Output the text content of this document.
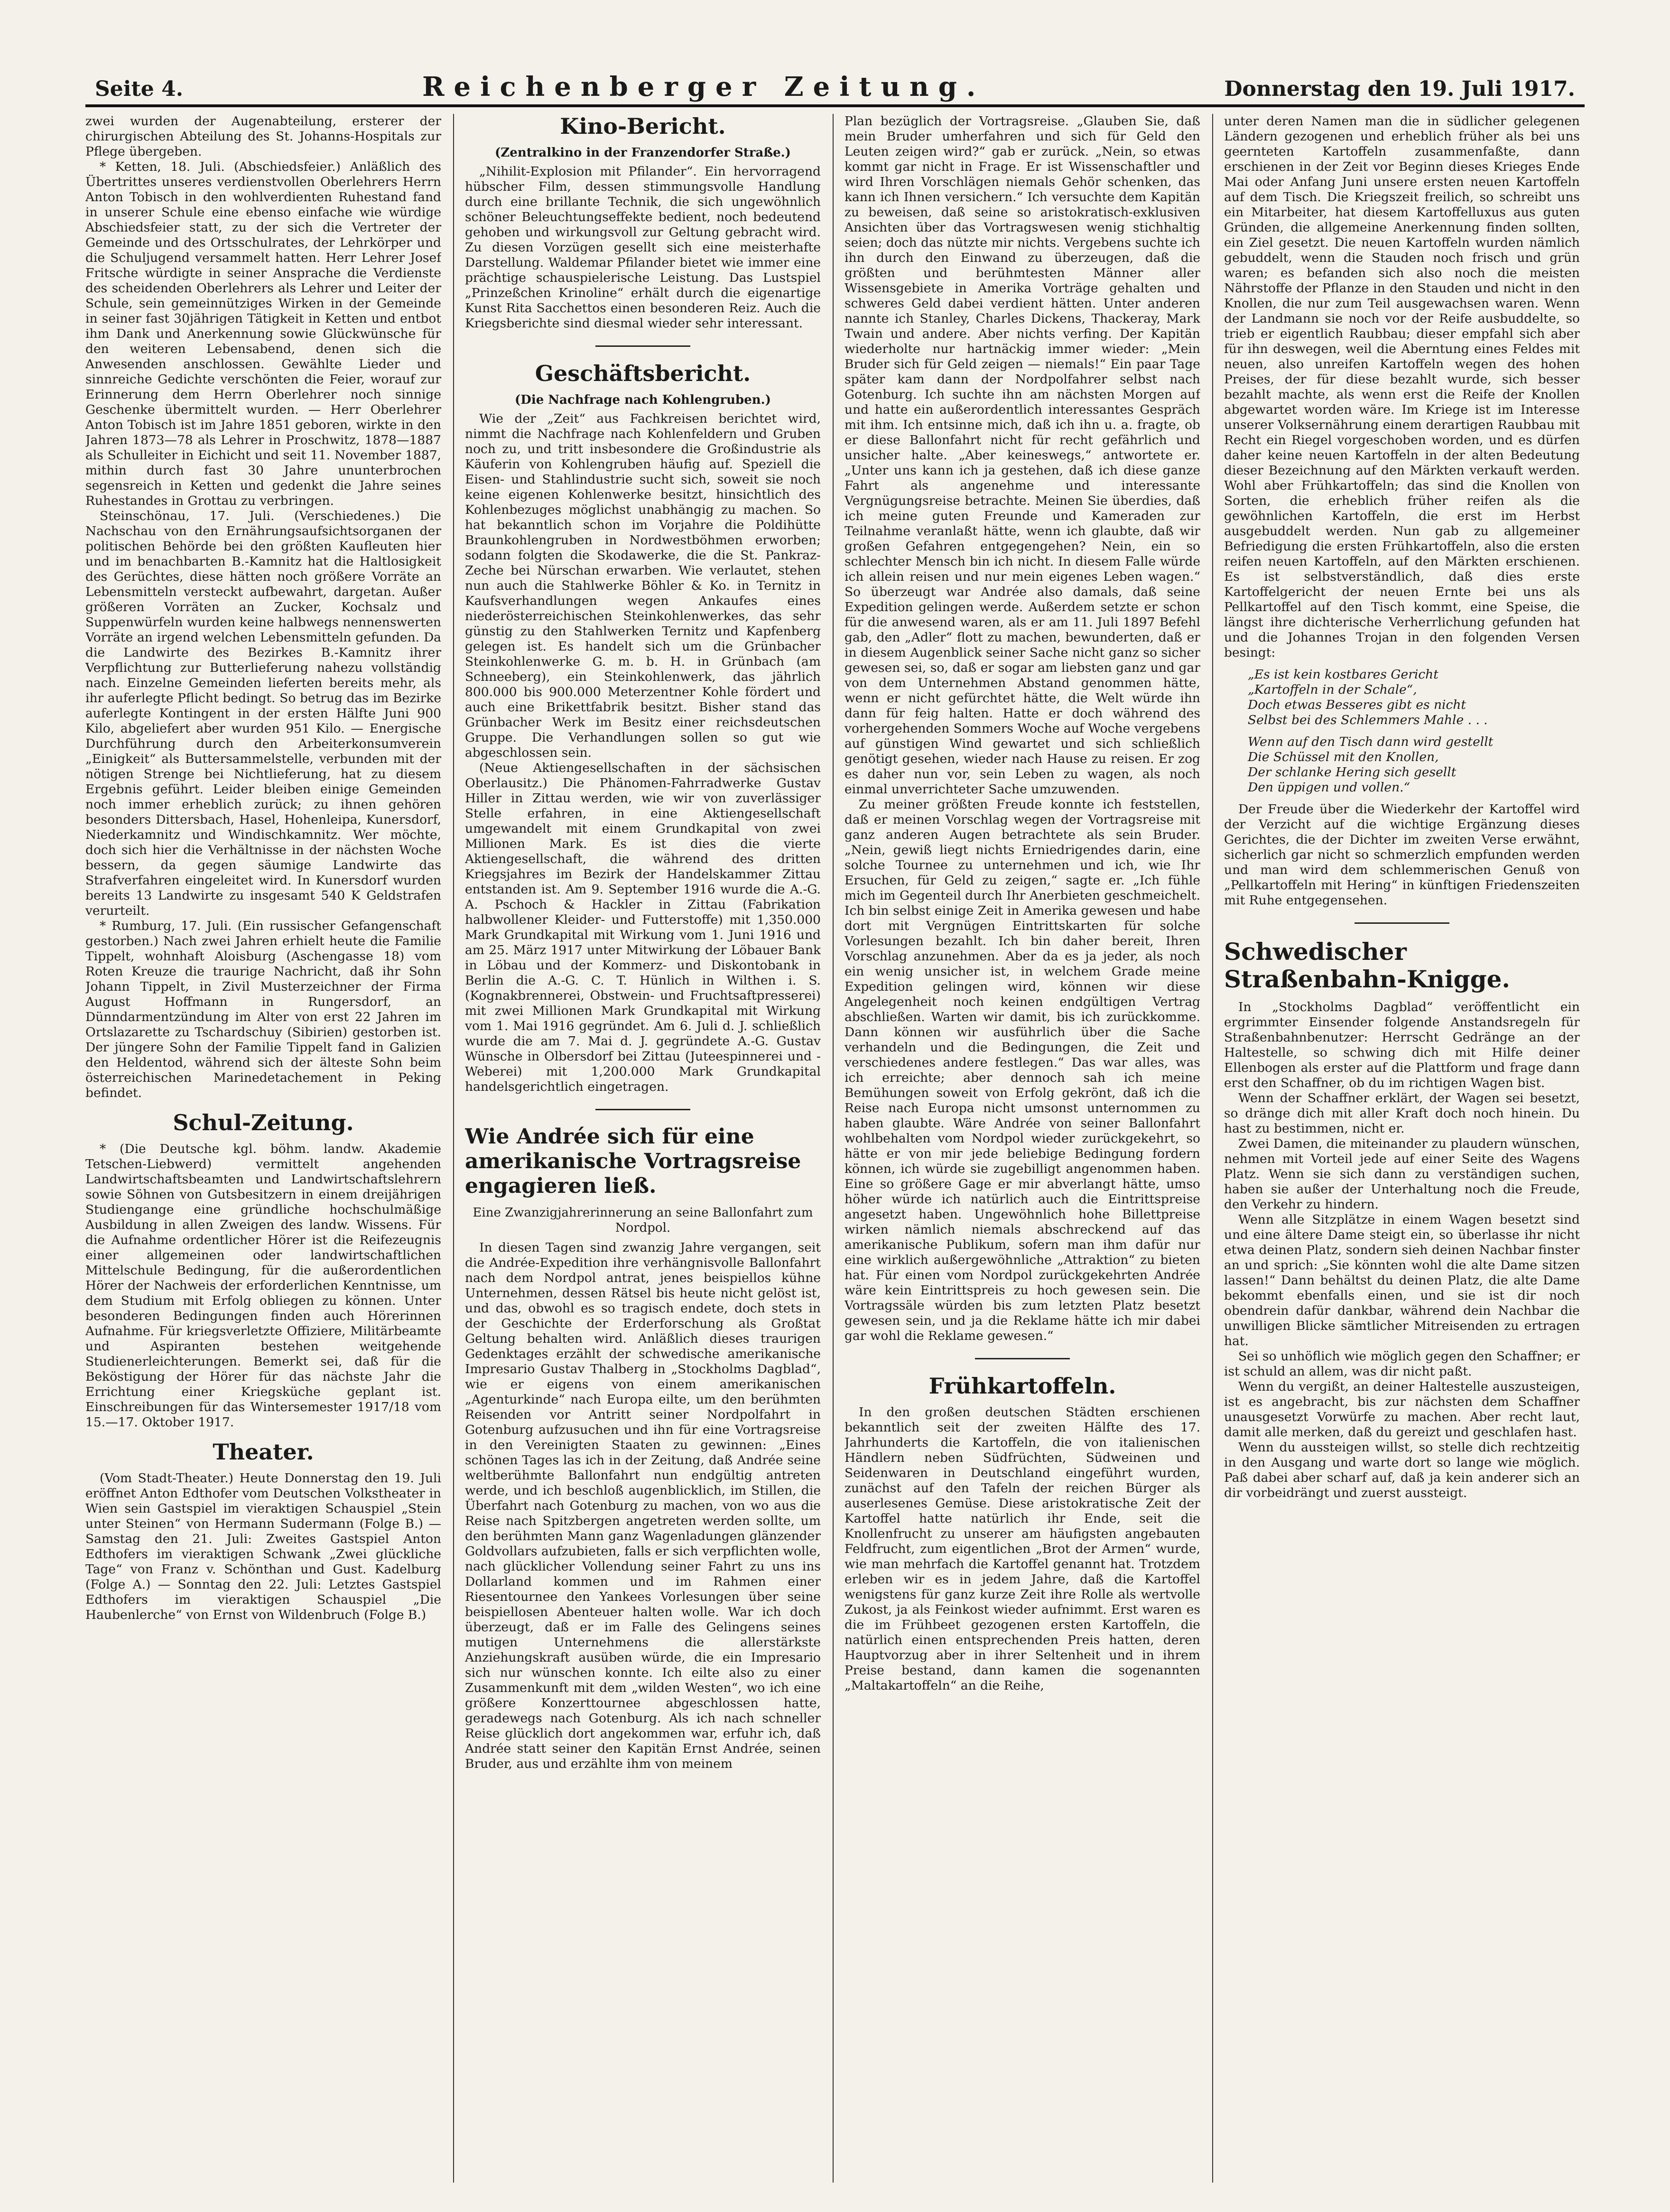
Seite 4.	Reichenberger Zeitung.	Donnerstag den 19. Juli 1917.

zwei wurden der Augenabteilung, ersterer der chirurgischen Abteilung des St. Johanns-Hospitals zur Pflege übergeben.

* Ketten, 18. Juli. (Abschiedsfeier.) Anläßlich des Übertrittes unseres verdienstvollen Oberlehrers Herrn Anton Tobisch in den wohlverdienten Ruhestand fand in unserer Schule eine ebenso einfache wie würdige Abschiedsfeier statt, zu der sich die Vertreter der Gemeinde und des Ortsschulrates, der Lehrkörper und die Schuljugend versammelt hatten. Herr Lehrer Josef Fritsche würdigte in seiner Ansprache die Verdienste des scheidenden Oberlehrers als Lehrer und Leiter der Schule, sein gemeinnütziges Wirken in der Gemeinde in seiner fast 30jährigen Tätigkeit in Ketten und entbot ihm Dank und Anerkennung sowie Glückwünsche für den weiteren Lebensabend, denen sich die Anwesenden anschlossen. Gewählte Lieder und sinnreiche Gedichte verschönten die Feier, worauf zur Erinnerung dem Herrn Oberlehrer noch sinnige Geschenke übermittelt wurden. — Herr Oberlehrer Anton Tobisch ist im Jahre 1851 geboren, wirkte in den Jahren 1873—78 als Lehrer in Proschwitz, 1878—1887 als Schulleiter in Eichicht und seit 11. November 1887, mithin durch fast 30 Jahre ununterbrochen segensreich in Ketten und gedenkt die Jahre seines Ruhestandes in Grottau zu verbringen.

Steinschönau, 17. Juli. (Verschiedenes.) Die Nachschau von den Ernährungsaufsichtsorganen der politischen Behörde bei den größten Kaufleuten hier und im benachbarten B.-Kamnitz hat die Haltlosigkeit des Gerüchtes, diese hätten noch größere Vorräte an Lebensmitteln versteckt aufbewahrt, dargetan. Außer größeren Vorräten an Zucker, Kochsalz und Suppenwürfeln wurden keine halbwegs nennenswerten Vorräte an irgend welchen Lebensmitteln gefunden. Da die Landwirte des Bezirkes B.-Kamnitz ihrer Verpflichtung zur Butterlieferung nahezu vollständig nach. Einzelne Gemeinden lieferten bereits mehr, als ihr auferlegte Pflicht bedingt. So betrug das im Bezirke auferlegte Kontingent in der ersten Hälfte Juni 900 Kilo, abgeliefert aber wurden 951 Kilo. — Energische Durchführung durch den Arbeiterkonsumverein „Einigkeit“ als Buttersammelstelle, verbunden mit der nötigen Strenge bei Nichtlieferung, hat zu diesem Ergebnis geführt. Leider bleiben einige Gemeinden noch immer erheblich zurück; zu ihnen gehören besonders Dittersbach, Hasel, Hohenleipa, Kunersdorf, Niederkamnitz und Windischkamnitz. Wer möchte, doch sich hier die Verhältnisse in der nächsten Woche bessern, da gegen säumige Landwirte das Strafverfahren eingeleitet wird. In Kunersdorf wurden bereits 13 Landwirte zu insgesamt 540 K Geldstrafen verurteilt.

* Rumburg, 17. Juli. (Ein russischer Gefangenschaft gestorben.) Nach zwei Jahren erhielt heute die Familie Tippelt, wohnhaft Aloisburg (Aschengasse 18) vom Roten Kreuze die traurige Nachricht, daß ihr Sohn Johann Tippelt, in Zivil Musterzeichner der Firma August Hoffmann in Rungersdorf, an Dünndarmentzündung im Alter von erst 22 Jahren im Ortslazarette zu Tschardschuy (Sibirien) gestorben ist. Der jüngere Sohn der Familie Tippelt fand in Galizien den Heldentod, während sich der älteste Sohn beim österreichischen Marinedetachement in Peking befindet.

Schul-Zeitung.

* (Die Deutsche kgl. böhm. landw. Akademie Tetschen-Liebwerd) vermittelt angehenden Landwirtschaftsbeamten und Landwirtschaftslehrern sowie Söhnen von Gutsbesitzern in einem dreijährigen Studiengange eine gründliche hochschulmäßige Ausbildung in allen Zweigen des landw. Wissens. Für die Aufnahme ordentlicher Hörer ist die Reifezeugnis einer allgemeinen oder landwirtschaftlichen Mittelschule Bedingung, für die außerordentlichen Hörer der Nachweis der erforderlichen Kenntnisse, um dem Studium mit Erfolg obliegen zu können. Unter besonderen Bedingungen finden auch Hörerinnen Aufnahme. Für kriegsverletzte Offiziere, Militärbeamte und Aspiranten bestehen weitgehende Studienerleichterungen. Bemerkt sei, daß für die Beköstigung der Hörer für das nächste Jahr die Errichtung einer Kriegsküche geplant ist. Einschreibungen für das Wintersemester 1917/18 vom 15.—17. Oktober 1917.

Theater.

(Vom Stadt-Theater.) Heute Donnerstag den 19. Juli eröffnet Anton Edthofer vom Deutschen Volkstheater in Wien sein Gastspiel im vieraktigen Schauspiel „Stein unter Steinen“ von Hermann Sudermann (Folge B.) — Samstag den 21. Juli: Zweites Gastspiel Anton Edthofers im vieraktigen Schwank „Zwei glückliche Tage“ von Franz v. Schönthan und Gust. Kadelburg (Folge A.) — Sonntag den 22. Juli: Letztes Gastspiel Edthofers im vieraktigen Schauspiel „Die Haubenlerche“ von Ernst von Wildenbruch (Folge B.)

Kino-Bericht.
(Zentralkino in der Franzendorfer Straße.)

„Nihilit-Explosion mit Pfilander“. Ein hervorragend hübscher Film, dessen stimmungsvolle Handlung durch eine brillante Technik, die sich ungewöhnlich schöner Beleuchtungseffekte bedient, noch bedeutend gehoben und wirkungsvoll zur Geltung gebracht wird. Zu diesen Vorzügen gesellt sich eine meisterhafte Darstellung. Waldemar Pfilander bietet wie immer eine prächtige schauspielerische Leistung. Das Lustspiel „Prinzeßchen Krinoline“ erhält durch die eigenartige Kunst Rita Sacchettos einen besonderen Reiz. Auch die Kriegsberichte sind diesmal wieder sehr interessant.

Geschäftsbericht.
(Die Nachfrage nach Kohlengruben.)

Wie der „Zeit“ aus Fachkreisen berichtet wird, nimmt die Nachfrage nach Kohlenfeldern und Gruben noch zu, und tritt insbesondere die Großindustrie als Käuferin von Kohlengruben häufig auf. Speziell die Eisen- und Stahlindustrie sucht sich, soweit sie noch keine eigenen Kohlenwerke besitzt, hinsichtlich des Kohlenbezuges möglichst unabhängig zu machen. So hat bekanntlich schon im Vorjahre die Poldihütte Braunkohlengruben in Nordwestböhmen erworben; sodann folgten die Skodawerke, die die St. Pankraz-Zeche bei Nürschan erwarben. Wie verlautet, stehen nun auch die Stahlwerke Böhler & Ko. in Ternitz in Kaufsverhandlungen wegen Ankaufes eines niederösterreichischen Steinkohlenwerkes, das sehr günstig zu den Stahlwerken Ternitz und Kapfenberg gelegen ist. Es handelt sich um die Grünbacher Steinkohlenwerke G. m. b. H. in Grünbach (am Schneeberg), ein Steinkohlenwerk, das jährlich 800.000 bis 900.000 Meterzentner Kohle fördert und auch eine Brikettfabrik besitzt. Bisher stand das Grünbacher Werk im Besitz einer reichsdeutschen Gruppe. Die Verhandlungen sollen so gut wie abgeschlossen sein.

(Neue Aktiengesellschaften in der sächsischen Oberlausitz.) Die Phänomen-Fahrradwerke Gustav Hiller in Zittau werden, wie wir von zuverlässiger Stelle erfahren, in eine Aktiengesellschaft umgewandelt mit einem Grundkapital von zwei Millionen Mark. Es ist dies die vierte Aktiengesellschaft, die während des dritten Kriegsjahres im Bezirk der Handelskammer Zittau entstanden ist. Am 9. September 1916 wurde die A.-G. A. Pschoch & Hackler in Zittau (Fabrikation halbwollener Kleider- und Futterstoffe) mit 1,350.000 Mark Grundkapital mit Wirkung vom 1. Juni 1916 und am 25. März 1917 unter Mitwirkung der Löbauer Bank in Löbau und der Kommerz- und Diskontobank in Berlin die A.-G. C. T. Hünlich in Wilthen i. S. (Kognakbrennerei, Obstwein- und Fruchtsaftpresserei) mit zwei Millionen Mark Grundkapital mit Wirkung vom 1. Mai 1916 gegründet. Am 6. Juli d. J. schließlich wurde die am 7. Mai d. J. gegründete A.-G. Gustav Wünsche in Olbersdorf bei Zittau (Juteespinnerei und -Weberei) mit 1,200.000 Mark Grundkapital handelsgerichtlich eingetragen.

Wie Andrée sich für eine amerikanische Vortragsreise engagieren ließ.
Eine Zwanzigjahrerinnerung an seine Ballonfahrt zum Nordpol.

In diesen Tagen sind zwanzig Jahre vergangen, seit die Andrée-Expedition ihre verhängnisvolle Ballonfahrt nach dem Nordpol antrat, jenes beispiellos kühne Unternehmen, dessen Rätsel bis heute nicht gelöst ist, und das, obwohl es so tragisch endete, doch stets in der Geschichte der Erderforschung als Großtat Geltung behalten wird. Anläßlich dieses traurigen Gedenktages erzählt der schwedische amerikanische Impresario Gustav Thalberg in „Stockholms Dagblad“, wie er eigens von einem amerikanischen „Agenturkinde“ nach Europa eilte, um den berühmten Reisenden vor Antritt seiner Nordpolfahrt in Gotenburg aufzusuchen und ihn für eine Vortragsreise in den Vereinigten Staaten zu gewinnen: „Eines schönen Tages las ich in der Zeitung, daß Andrée seine weltberühmte Ballonfahrt nun endgültig antreten werde, und ich beschloß augenblicklich, im Stillen, die Überfahrt nach Gotenburg zu machen, von wo aus die Reise nach Spitzbergen angetreten werden sollte, um den berühmten Mann ganz Wagenladungen glänzender Goldvollars aufzubieten, falls er sich verpflichten wolle, nach glücklicher Vollendung seiner Fahrt zu uns ins Dollarland kommen und im Rahmen einer Riesentournee den Yankees Vorlesungen über seine beispiellosen Abenteuer halten wolle. War ich doch überzeugt, daß er im Falle des Gelingens seines mutigen Unternehmens die allerstärkste Anziehungskraft ausüben würde, die ein Impresario sich nur wünschen konnte. Ich eilte also zu einer Zusammenkunft mit dem „wilden Westen“, wo ich eine größere Konzerttournee abgeschlossen hatte, geradewegs nach Gotenburg. Als ich nach schneller Reise glücklich dort angekommen war, erfuhr ich, daß Andrée statt seiner den Kapitän Ernst Andrée, seinen Bruder, aus und erzählte ihm von meinem

Plan bezüglich der Vortragsreise. „Glauben Sie, daß mein Bruder umherfahren und sich für Geld den Leuten zeigen wird?“ gab er zurück. „Nein, so etwas kommt gar nicht in Frage. Er ist Wissenschaftler und wird Ihren Vorschlägen niemals Gehör schenken, das kann ich Ihnen versichern.“ Ich versuchte dem Kapitän zu beweisen, daß seine so aristokratisch-exklusiven Ansichten über das Vortragswesen wenig stichhaltig seien; doch das nützte mir nichts. Vergebens suchte ich ihn durch den Einwand zu überzeugen, daß die größten und berühmtesten Männer aller Wissensgebiete in Amerika Vorträge gehalten und schweres Geld dabei verdient hätten. Unter anderen nannte ich Stanley, Charles Dickens, Thackeray, Mark Twain und andere. Aber nichts verfing. Der Kapitän wiederholte nur hartnäckig immer wieder: „Mein Bruder sich für Geld zeigen — niemals!“ Ein paar Tage später kam dann der Nordpolfahrer selbst nach Gotenburg. Ich suchte ihn am nächsten Morgen auf und hatte ein außerordentlich interessantes Gespräch mit ihm. Ich entsinne mich, daß ich ihn u. a. fragte, ob er diese Ballonfahrt nicht für recht gefährlich und unsicher halte. „Aber keineswegs,“ antwortete er. „Unter uns kann ich ja gestehen, daß ich diese ganze Fahrt als angenehme und interessante Vergnügungsreise betrachte. Meinen Sie überdies, daß ich meine guten Freunde und Kameraden zur Teilnahme veranlaßt hätte, wenn ich glaubte, daß wir großen Gefahren entgegengehen? Nein, ein so schlechter Mensch bin ich nicht. In diesem Falle würde ich allein reisen und nur mein eigenes Leben wagen.“ So überzeugt war Andrée also damals, daß seine Expedition gelingen werde. Außerdem setzte er schon für die anwesend waren, als er am 11. Juli 1897 Befehl gab, den „Adler“ flott zu machen, bewunderten, daß er in diesem Augenblick seiner Sache nicht ganz so sicher gewesen sei, so, daß er sogar am liebsten ganz und gar von dem Unternehmen Abstand genommen hätte, wenn er nicht gefürchtet hätte, die Welt würde ihn dann für feig halten. Hatte er doch während des vorhergehenden Sommers Woche auf Woche vergebens auf günstigen Wind gewartet und sich schließlich genötigt gesehen, wieder nach Hause zu reisen. Er zog es daher nun vor, sein Leben zu wagen, als noch einmal unverrichteter Sache umzuwenden.

Zu meiner größten Freude konnte ich feststellen, daß er meinen Vorschlag wegen der Vortragsreise mit ganz anderen Augen betrachtete als sein Bruder. „Nein, gewiß liegt nichts Erniedrigendes darin, eine solche Tournee zu unternehmen und ich, wie Ihr Ersuchen, für Geld zu zeigen,“ sagte er. „Ich fühle mich im Gegenteil durch Ihr Anerbieten geschmeichelt. Ich bin selbst einige Zeit in Amerika gewesen und habe dort mit Vergnügen Eintrittskarten für solche Vorlesungen bezahlt. Ich bin daher bereit, Ihren Vorschlag anzunehmen. Aber da es ja jeder, als noch ein wenig unsicher ist, in welchem Grade meine Expedition gelingen wird, können wir diese Angelegenheit noch keinen endgültigen Vertrag abschließen. Warten wir damit, bis ich zurückkomme. Dann können wir ausführlich über die Sache verhandeln und die Bedingungen, die Zeit und verschiedenes andere festlegen.“ Das war alles, was ich erreichte; aber dennoch sah ich meine Bemühungen soweit von Erfolg gekrönt, daß ich die Reise nach Europa nicht umsonst unternommen zu haben glaubte. Wäre Andrée von seiner Ballonfahrt wohlbehalten vom Nordpol wieder zurückgekehrt, so hätte er von mir jede beliebige Bedingung fordern können, ich würde sie zugebilligt angenommen haben. Eine so größere Gage er mir abverlangt hätte, umso höher würde ich natürlich auch die Eintrittspreise angesetzt haben. Ungewöhnlich hohe Billettpreise wirken nämlich niemals abschreckend auf das amerikanische Publikum, sofern man ihm dafür nur eine wirklich außergewöhnliche „Attraktion“ zu bieten hat. Für einen vom Nordpol zurückgekehrten Andrée wäre kein Eintrittspreis zu hoch gewesen sein. Die Vortragssäle würden bis zum letzten Platz besetzt gewesen sein, und ja die Reklame hätte ich mir dabei gar wohl die Reklame gewesen.“

Frühkartoffeln.

In den großen deutschen Städten erschienen bekanntlich seit der zweiten Hälfte des 17. Jahrhunderts die Kartoffeln, die von italienischen Händlern neben Südfrüchten, Südweinen und Seidenwaren in Deutschland eingeführt wurden, zunächst auf den Tafeln der reichen Bürger als auserlesenes Gemüse. Diese aristokratische Zeit der Kartoffel hatte natürlich ihr Ende, seit die Knollenfrucht zu unserer am häufigsten angebauten Feldfrucht, zum eigentlichen „Brot der Armen“ wurde, wie man mehrfach die Kartoffel genannt hat. Trotzdem erleben wir es in jedem Jahre, daß die Kartoffel wenigstens für ganz kurze Zeit ihre Rolle als wertvolle Zukost, ja als Feinkost wieder aufnimmt. Erst waren es die im Frühbeet gezogenen ersten Kartoffeln, die natürlich einen entsprechenden Preis hatten, deren Hauptvorzug aber in ihrer Seltenheit und in ihrem Preise bestand, dann kamen die sogenannten „Maltakartoffeln“ an die Reihe,

unter deren Namen man die in südlicher gelegenen Ländern gezogenen und erheblich früher als bei uns geernteten Kartoffeln zusammenfaßte, dann erschienen in der Zeit vor Beginn dieses Krieges Ende Mai oder Anfang Juni unsere ersten neuen Kartoffeln auf dem Tisch. Die Kriegszeit freilich, so schreibt uns ein Mitarbeiter, hat diesem Kartoffelluxus aus guten Gründen, die allgemeine Anerkennung finden sollten, ein Ziel gesetzt. Die neuen Kartoffeln wurden nämlich gebuddelt, wenn die Stauden noch frisch und grün waren; es befanden sich also noch die meisten Nährstoffe der Pflanze in den Stauden und nicht in den Knollen, die nur zum Teil ausgewachsen waren. Wenn der Landmann sie noch vor der Reife ausbuddelte, so trieb er eigentlich Raubbau; dieser empfahl sich aber für ihn deswegen, weil die Aberntung eines Feldes mit neuen, also unreifen Kartoffeln wegen des hohen Preises, der für diese bezahlt wurde, sich besser bezahlt machte, als wenn erst die Reife der Knollen abgewartet worden wäre. Im Kriege ist im Interesse unserer Volksernährung einem derartigen Raubbau mit Recht ein Riegel vorgeschoben worden, und es dürfen daher keine neuen Kartoffeln in der alten Bedeutung dieser Bezeichnung auf den Märkten verkauft werden. Wohl aber Frühkartoffeln; das sind die Knollen von Sorten, die erheblich früher reifen als die gewöhnlichen Kartoffeln, die erst im Herbst ausgebuddelt werden. Nun gab zu allgemeiner Befriedigung die ersten Frühkartoffeln, also die ersten reifen neuen Kartoffeln, auf den Märkten erschienen. Es ist selbstverständlich, daß dies erste Kartoffelgericht der neuen Ernte bei uns als Pellkartoffel auf den Tisch kommt, eine Speise, die längst ihre dichterische Verherrlichung gefunden hat und die Johannes Trojan in den folgenden Versen besingt:

„Es ist kein kostbares Gericht
„Kartoffeln in der Schale“,
Doch etwas Besseres gibt es nicht
Selbst bei des Schlemmers Mahle . . .
Wenn auf den Tisch dann wird gestellt
Die Schüssel mit den Knollen,
Der schlanke Hering sich gesellt
Den üppigen und vollen.“

Der Freude über die Wiederkehr der Kartoffel wird der Verzicht auf die wichtige Ergänzung dieses Gerichtes, die der Dichter im zweiten Verse erwähnt, sicherlich gar nicht so schmerzlich empfunden werden und man wird dem schlemmerischen Genuß von „Pellkartoffeln mit Hering“ in künftigen Friedenszeiten mit Ruhe entgegensehen.

Schwedischer Straßenbahn-Knigge.

In „Stockholms Dagblad“ veröffentlicht ein ergrimmter Einsender folgende Anstandsregeln für Straßenbahnbenutzer: Herrscht Gedränge an der Haltestelle, so schwing dich mit Hilfe deiner Ellenbogen als erster auf die Plattform und frage dann erst den Schaffner, ob du im richtigen Wagen bist.

Wenn der Schaffner erklärt, der Wagen sei besetzt, so dränge dich mit aller Kraft doch noch hinein. Du hast zu bestimmen, nicht er.

Zwei Damen, die miteinander zu plaudern wünschen, nehmen mit Vorteil jede auf einer Seite des Wagens Platz. Wenn sie sich dann zu verständigen suchen, haben sie außer der Unterhaltung noch die Freude, den Verkehr zu hindern.

Wenn alle Sitzplätze in einem Wagen besetzt sind und eine ältere Dame steigt ein, so überlasse ihr nicht etwa deinen Platz, sondern sieh deinen Nachbar finster an und sprich: „Sie könnten wohl die alte Dame sitzen lassen!“ Dann behältst du deinen Platz, die alte Dame bekommt ebenfalls einen, und sie ist dir noch obendrein dafür dankbar, während dein Nachbar die unwilligen Blicke sämtlicher Mitreisenden zu ertragen hat.

Sei so unhöflich wie möglich gegen den Schaffner; er ist schuld an allem, was dir nicht paßt.

Wenn du vergißt, an deiner Haltestelle auszusteigen, ist es angebracht, bis zur nächsten dem Schaffner unausgesetzt Vorwürfe zu machen. Aber recht laut, damit alle merken, daß du gereizt und geschlafen hast.

Wenn du aussteigen willst, so stelle dich rechtzeitig in den Ausgang und warte dort so lange wie möglich. Paß dabei aber scharf auf, daß ja kein anderer sich an dir vorbeidrängt und zuerst aussteigt.
